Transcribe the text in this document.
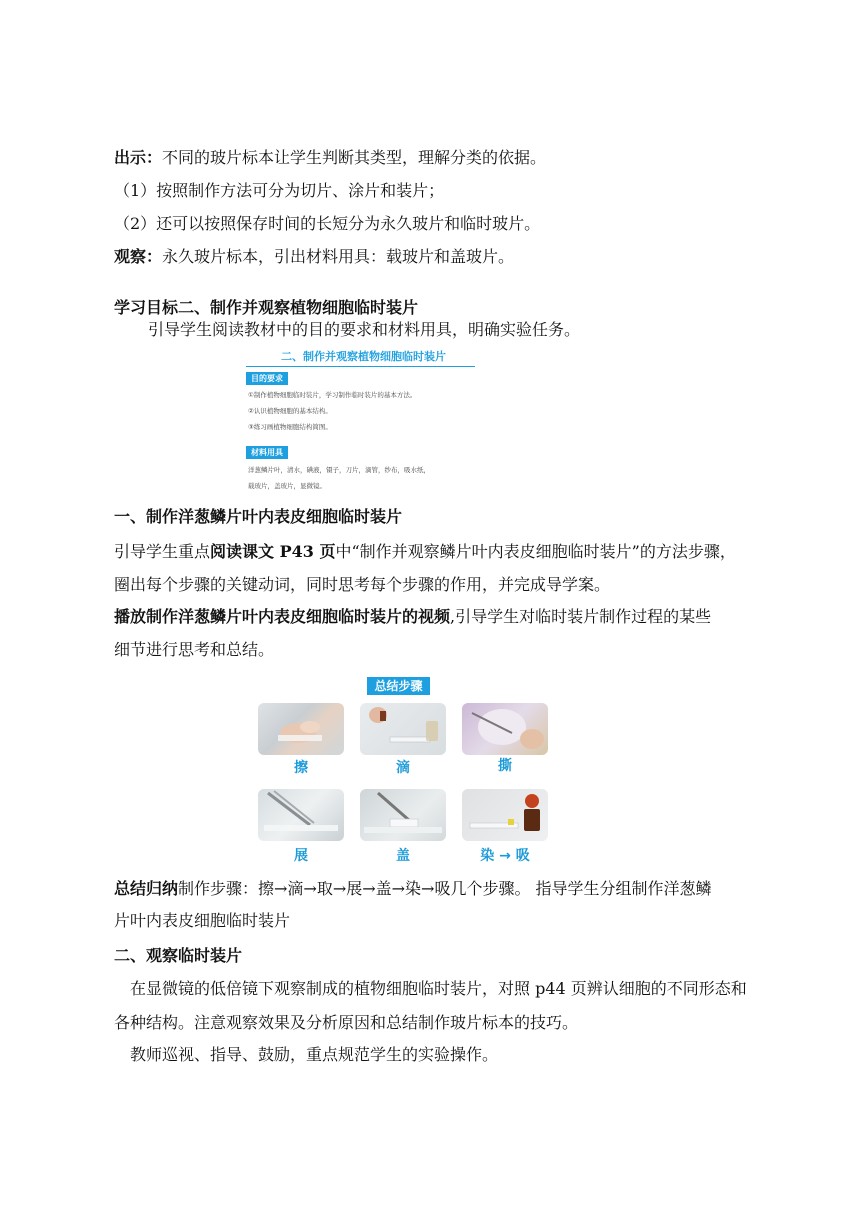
出示：不同的玻片标本让学生判断其类型，理解分类的依据。
（1）按照制作方法可分为切片、涂片和装片；
（2）还可以按照保存时间的长短分为永久玻片和临时玻片。
观察：永久玻片标本，引出材料用具：载玻片和盖玻片。
学习目标二、制作并观察植物细胞临时装片
引导学生阅读教材中的目的要求和材料用具，明确实验任务。
二、制作并观察植物细胞临时装片
目的要求
①制作植物细胞临时装片，学习制作临时装片的基本方法。
②认识植物细胞的基本结构。
③练习画植物细胞结构简图。
材料用具
洋葱鳞片叶，清水，碘液，镊子，刀片，滴管，纱布，吸水纸，
载玻片，盖玻片，显微镜。
一、制作洋葱鳞片叶内表皮细胞临时装片
引导学生重点阅读课文 P43 页中“制作并观察鳞片叶内表皮细胞临时装片”的方法步骤，
圈出每个步骤的关键动词，同时思考每个步骤的作用，并完成导学案。
播放制作洋葱鳞片叶内表皮细胞临时装片的视频,引导学生对临时装片制作过程的某些
细节进行思考和总结。
总结步骤
擦	滴	撕
展	盖	染 → 吸
总结归纳制作步骤：擦→滴→取→展→盖→染→吸几个步骤。 指导学生分组制作洋葱鳞
片叶内表皮细胞临时装片
二、观察临时装片
在显微镜的低倍镜下观察制成的植物细胞临时装片，对照 p44 页辨认细胞的不同形态和
各种结构。注意观察效果及分析原因和总结制作玻片标本的技巧。
教师巡视、指导、鼓励，重点规范学生的实验操作。
